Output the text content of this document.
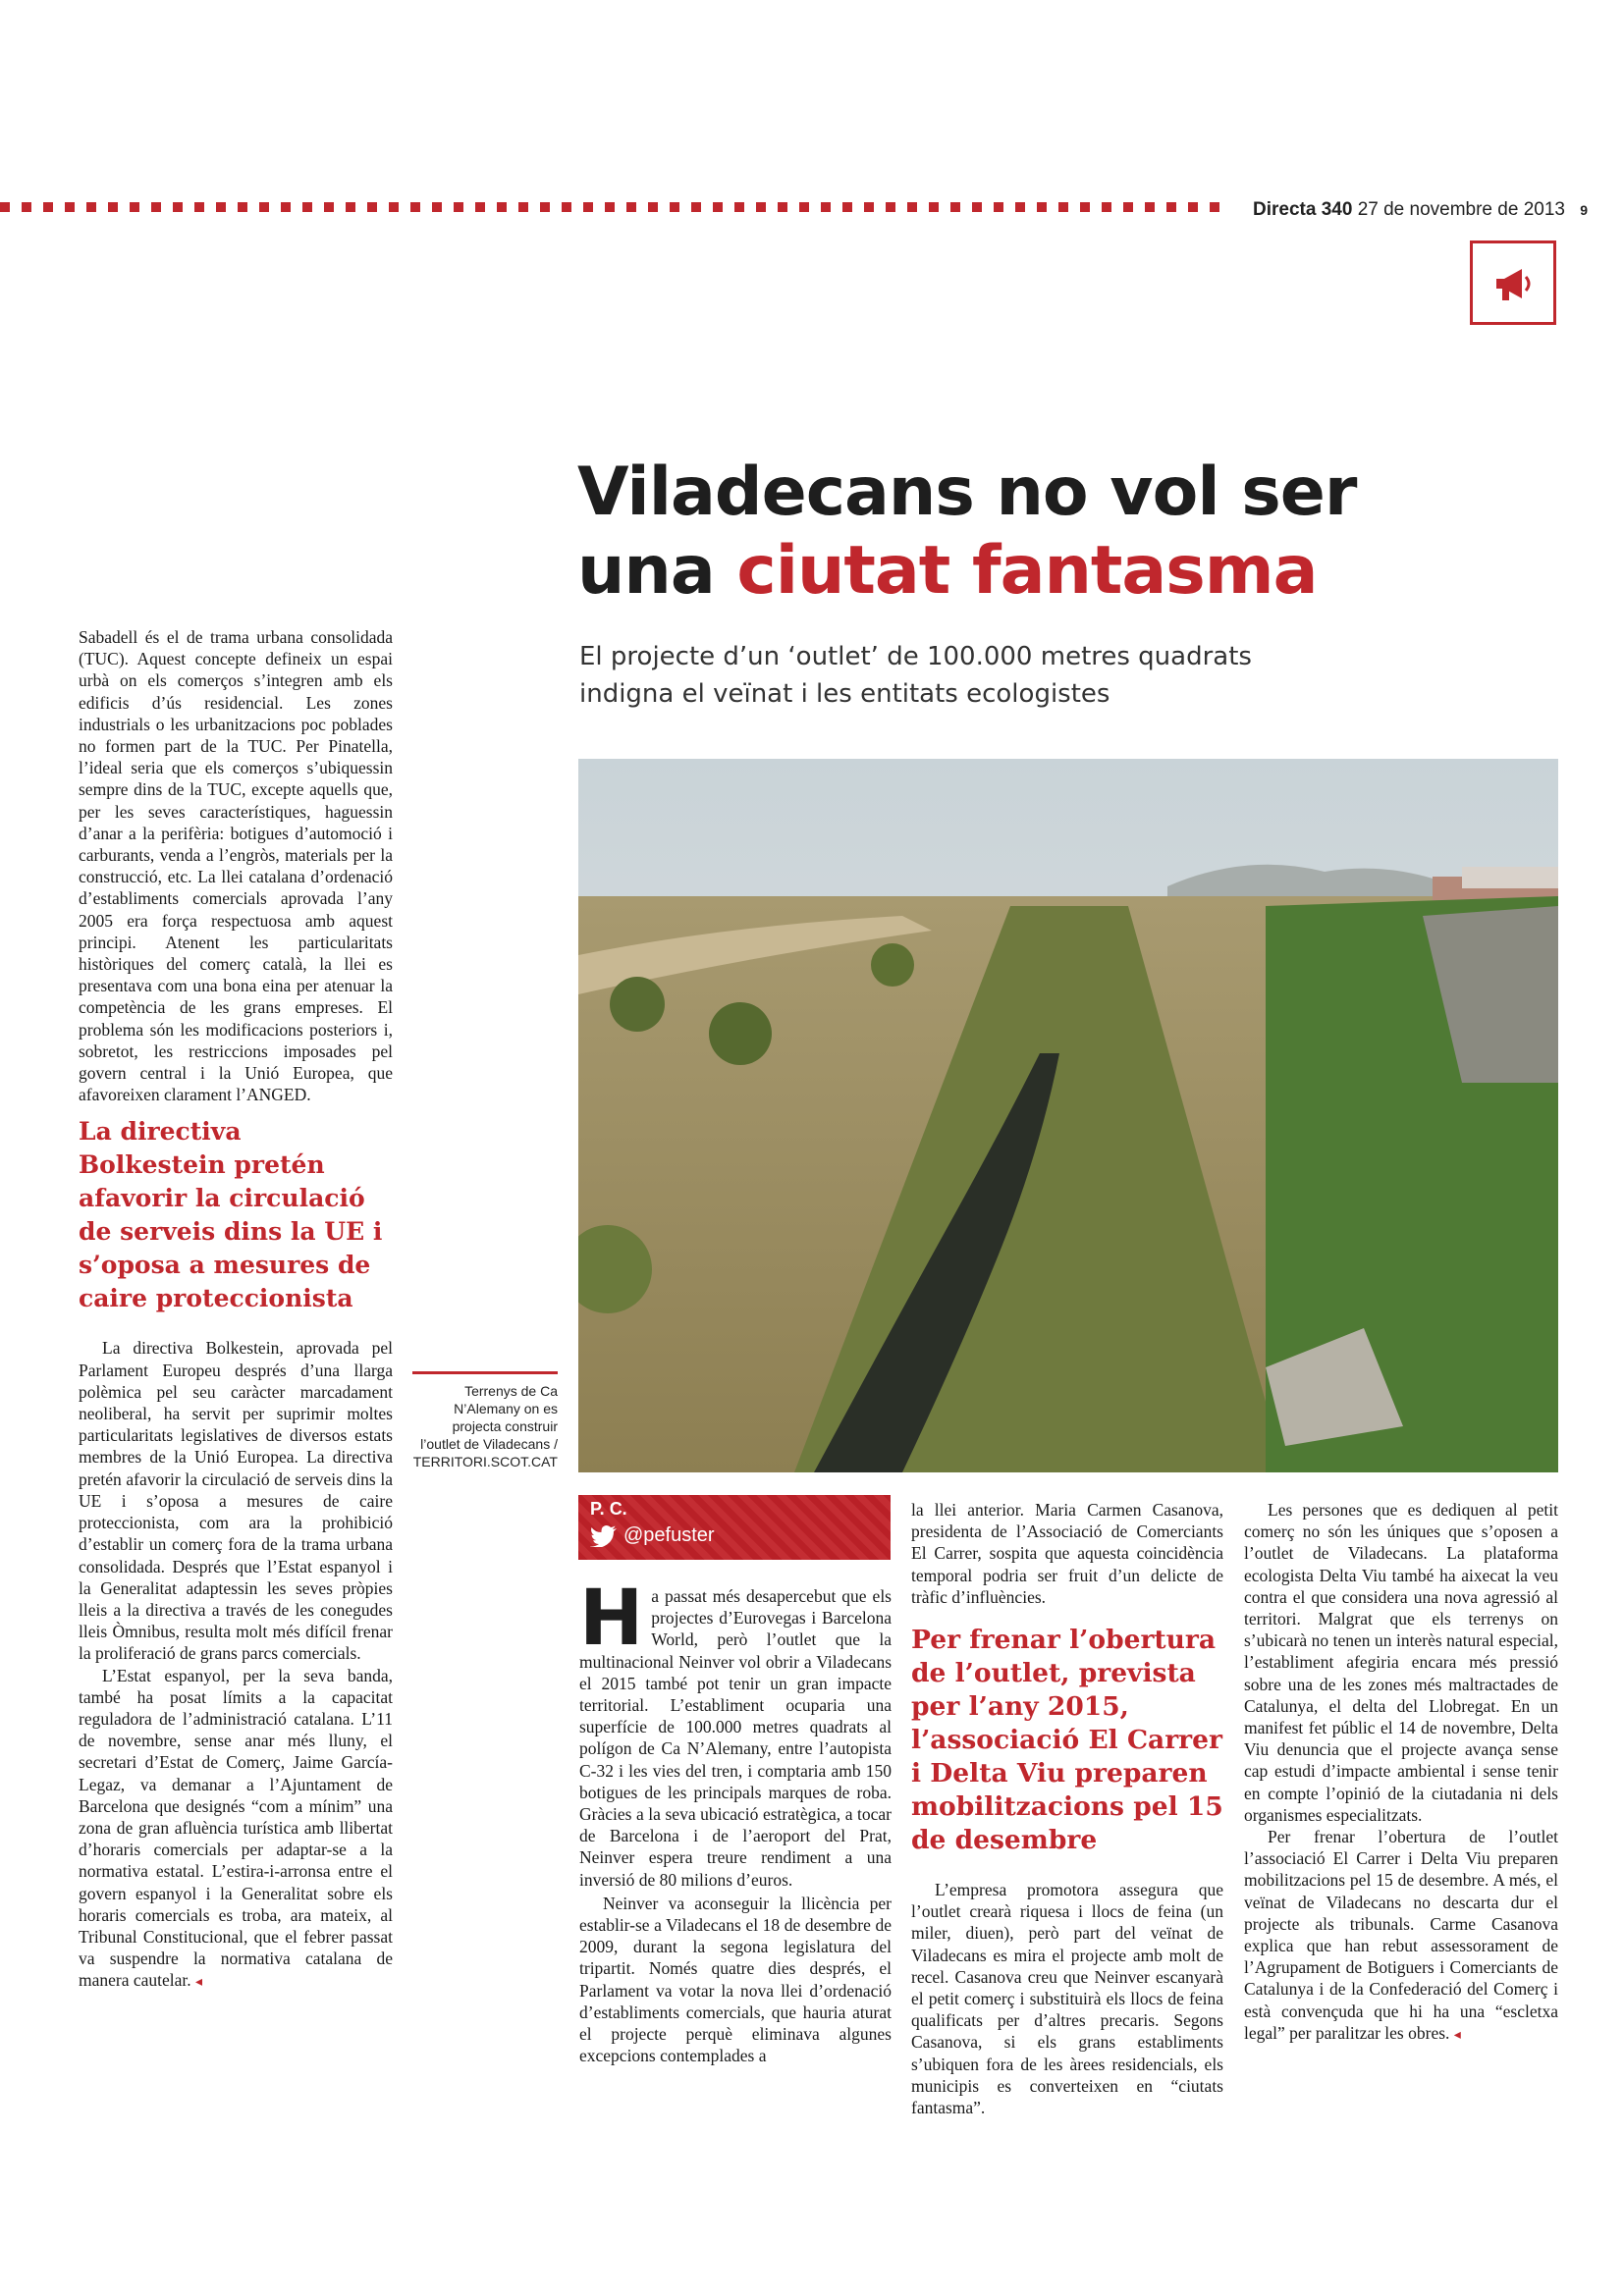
Directa 340 27 de novembre de 2013 9
Viladecans no vol ser
una ciutat fantasma
El projecte d’un ‘outlet’ de 100.000 metres quadrats indigna el veïnat i les entitats ecologistes
Terrenys de Ca N’Alemany on es projecta construir l’outlet de Viladecans / TERRITORI.SCOT.CAT

Sabadell és el de trama urbana consolidada (TUC). Aquest concepte defineix un espai urbà on els comerços s’integren amb els edificis d’ús residencial. Les zones industrials o les urbanitzacions poc poblades no formen part de la TUC. Per Pinatella, l’ideal seria que els comerços s’ubiquessin sempre dins de la TUC, excepte aquells que, per les seves característiques, haguessin d’anar a la perifèria: botigues d’automoció i carburants, venda a l’engròs, materials per la construcció, etc. La llei catalana d’ordenació d’establiments comercials aprovada l’any 2005 era força respectuosa amb aquest principi. Atenent les particularitats històriques del comerç català, la llei es presentava com una bona eina per atenuar la competència de les grans empreses. El problema són les modificacions posteriors i, sobretot, les restriccions imposades pel govern central i la Unió Europea, que afavoreixen clarament l’ANGED.

La directiva Bolkestein pretén afavorir la circulació de serveis dins la UE i s’oposa a mesures de caire proteccionista

La directiva Bolkestein, aprovada pel Parlament Europeu després d’una llarga polèmica pel seu caràcter marcadament neoliberal, ha servit per suprimir moltes particularitats legislatives de diversos estats membres de la Unió Europea. La directiva pretén afavorir la circulació de serveis dins la UE i s’oposa a mesures de caire proteccionista, com ara la prohibició d’establir un comerç fora de la trama urbana consolidada. Després que l’Estat espanyol i la Generalitat adaptessin les seves pròpies lleis a la directiva a través de les conegudes lleis Òmnibus, resulta molt més difícil frenar la proliferació de grans parcs comercials.

L’Estat espanyol, per la seva banda, també ha posat límits a la capacitat reguladora de l’administració catalana. L’11 de novembre, sense anar més lluny, el secretari d’Estat de Comerç, Jaime García-Legaz, va demanar a l’Ajuntament de Barcelona que designés “com a mínim” una zona de gran afluència turística amb llibertat d’horaris comercials per adaptar-se a la normativa estatal. L’estira-i-arronsa entre el govern espanyol i la Generalitat sobre els horaris comercials es troba, ara mateix, al Tribunal Constitucional, que el febrer passat va suspendre la normativa catalana de manera cautelar. ◂

P. C.
@pefuster

Ha passat més desapercebut que els projectes d’Eurovegas i Barcelona World, però l’outlet que la multinacional Neinver vol obrir a Viladecans el 2015 també pot tenir un gran impacte territorial. L’establiment ocuparia una superfície de 100.000 metres quadrats al polígon de Ca N’Alemany, entre l’autopista C-32 i les vies del tren, i comptaria amb 150 botigues de les principals marques de roba. Gràcies a la seva ubicació estratègica, a tocar de Barcelona i de l’aeroport del Prat, Neinver espera treure rendiment a una inversió de 80 milions d’euros.

Neinver va aconseguir la llicència per establir-se a Viladecans el 18 de desembre de 2009, durant la segona legislatura del tripartit. Només quatre dies després, el Parlament va votar la nova llei d’ordenació d’establiments comercials, que hauria aturat el projecte perquè eliminava algunes excepcions contemplades a

la llei anterior. Maria Carmen Casanova, presidenta de l’Associació de Comerciants El Carrer, sospita que aquesta coincidència temporal podria ser fruit d’un delicte de tràfic d’influències.

Per frenar l’obertura de l’outlet, prevista per l’any 2015, l’associació El Carrer i Delta Viu preparen mobilitzacions pel 15 de desembre

L’empresa promotora assegura que l’outlet crearà riquesa i llocs de feina (un miler, diuen), però part del veïnat de Viladecans es mira el projecte amb molt de recel. Casanova creu que Neinver escanyarà el petit comerç i substituirà els llocs de feina qualificats per d’altres precaris. Segons Casanova, si els grans establiments s’ubiquen fora de les àrees residencials, els municipis es converteixen en “ciutats fantasma”.

Les persones que es dediquen al petit comerç no són les úniques que s’oposen a l’outlet de Viladecans. La plataforma ecologista Delta Viu també ha aixecat la veu contra el que considera una nova agressió al territori. Malgrat que els terrenys on s’ubicarà no tenen un interès natural especial, l’establiment afegiria encara més pressió sobre una de les zones més maltractades de Catalunya, el delta del Llobregat. En un manifest fet públic el 14 de novembre, Delta Viu denuncia que el projecte avança sense cap estudi d’impacte ambiental i sense tenir en compte l’opinió de la ciutadania ni dels organismes especialitzats.

Per frenar l’obertura de l’outlet l’associació El Carrer i Delta Viu preparen mobilitzacions pel 15 de desembre. A més, el veïnat de Viladecans no descarta dur el projecte als tribunals. Carme Casanova explica que han rebut assessorament de l’Agrupament de Botiguers i Comerciants de Catalunya i de la Confederació del Comerç i està convençuda que hi ha una “escletxa legal” per paralitzar les obres. ◂
